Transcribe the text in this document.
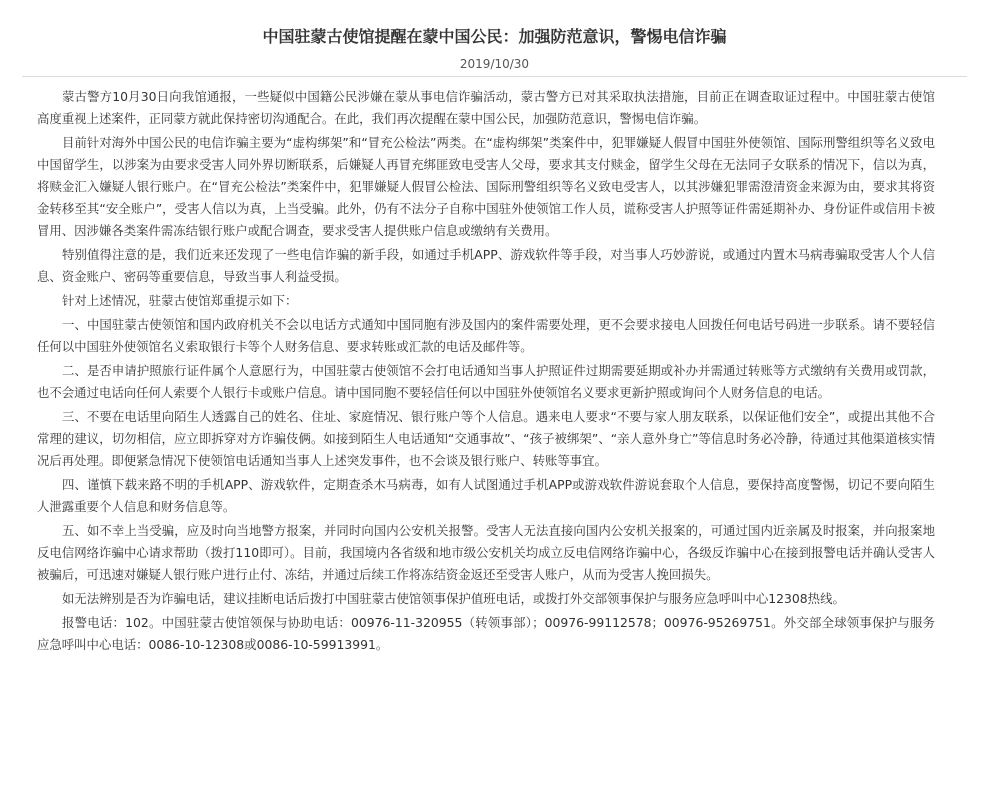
中国驻蒙古使馆提醒在蒙中国公民：加强防范意识，警惕电信诈骗
2019/10/30

蒙古警方10月30日向我馆通报，一些疑似中国籍公民涉嫌在蒙从事电信诈骗活动，蒙古警方已对其采取执法措施，目前正在调查取证过程中。中国驻蒙古使馆高度重视上述案件，正同蒙方就此保持密切沟通配合。在此，我们再次提醒在蒙中国公民，加强防范意识，警惕电信诈骗。

目前针对海外中国公民的电信诈骗主要为“虚构绑架”和“冒充公检法”两类。在“虚构绑架”类案件中，犯罪嫌疑人假冒中国驻外使领馆、国际刑警组织等名义致电中国留学生，以涉案为由要求受害人同外界切断联系，后嫌疑人再冒充绑匪致电受害人父母，要求其支付赎金，留学生父母在无法同子女联系的情况下，信以为真，将赎金汇入嫌疑人银行账户。在“冒充公检法”类案件中，犯罪嫌疑人假冒公检法、国际刑警组织等名义致电受害人，以其涉嫌犯罪需澄清资金来源为由，要求其将资金转移至其“安全账户”，受害人信以为真，上当受骗。此外，仍有不法分子自称中国驻外使领馆工作人员，谎称受害人护照等证件需延期补办、身份证件或信用卡被冒用、因涉嫌各类案件需冻结银行账户或配合调查，要求受害人提供账户信息或缴纳有关费用。

特别值得注意的是，我们近来还发现了一些电信诈骗的新手段，如通过手机APP、游戏软件等手段，对当事人巧妙游说，或通过内置木马病毒骗取受害人个人信息、资金账户、密码等重要信息，导致当事人利益受损。

针对上述情况，驻蒙古使馆郑重提示如下：

一、中国驻蒙古使领馆和国内政府机关不会以电话方式通知中国同胞有涉及国内的案件需要处理，更不会要求接电人回拨任何电话号码进一步联系。请不要轻信任何以中国驻外使领馆名义索取银行卡等个人财务信息、要求转账或汇款的电话及邮件等。

二、是否申请护照旅行证件属个人意愿行为，中国驻蒙古使领馆不会打电话通知当事人护照证件过期需要延期或补办并需通过转账等方式缴纳有关费用或罚款，也不会通过电话向任何人索要个人银行卡或账户信息。请中国同胞不要轻信任何以中国驻外使领馆名义要求更新护照或询问个人财务信息的电话。

三、不要在电话里向陌生人透露自己的姓名、住址、家庭情况、银行账户等个人信息。遇来电人要求“不要与家人朋友联系，以保证他们安全”，或提出其他不合常理的建议，切勿相信，应立即拆穿对方诈骗伎俩。如接到陌生人电话通知“交通事故”、“孩子被绑架”、“亲人意外身亡”等信息时务必冷静，待通过其他渠道核实情况后再处理。即便紧急情况下使领馆电话通知当事人上述突发事件，也不会谈及银行账户、转账等事宜。

四、谨慎下载来路不明的手机APP、游戏软件，定期查杀木马病毒，如有人试图通过手机APP或游戏软件游说套取个人信息，要保持高度警惕，切记不要向陌生人泄露重要个人信息和财务信息等。

五、如不幸上当受骗，应及时向当地警方报案，并同时向国内公安机关报警。受害人无法直接向国内公安机关报案的，可通过国内近亲属及时报案，并向报案地反电信网络诈骗中心请求帮助（拨打110即可）。目前，我国境内各省级和地市级公安机关均成立反电信网络诈骗中心，各级反诈骗中心在接到报警电话并确认受害人被骗后，可迅速对嫌疑人银行账户进行止付、冻结，并通过后续工作将冻结资金返还至受害人账户，从而为受害人挽回损失。

如无法辨别是否为诈骗电话，建议挂断电话后拨打中国驻蒙古使馆领事保护值班电话，或拨打外交部领事保护与服务应急呼叫中心12308热线。

报警电话：102。中国驻蒙古使馆领保与协助电话：00976-11-320955（转领事部）；00976-99112578；00976-95269751。外交部全球领事保护与服务应急呼叫中心电话：0086-10-12308或0086-10-59913991。
